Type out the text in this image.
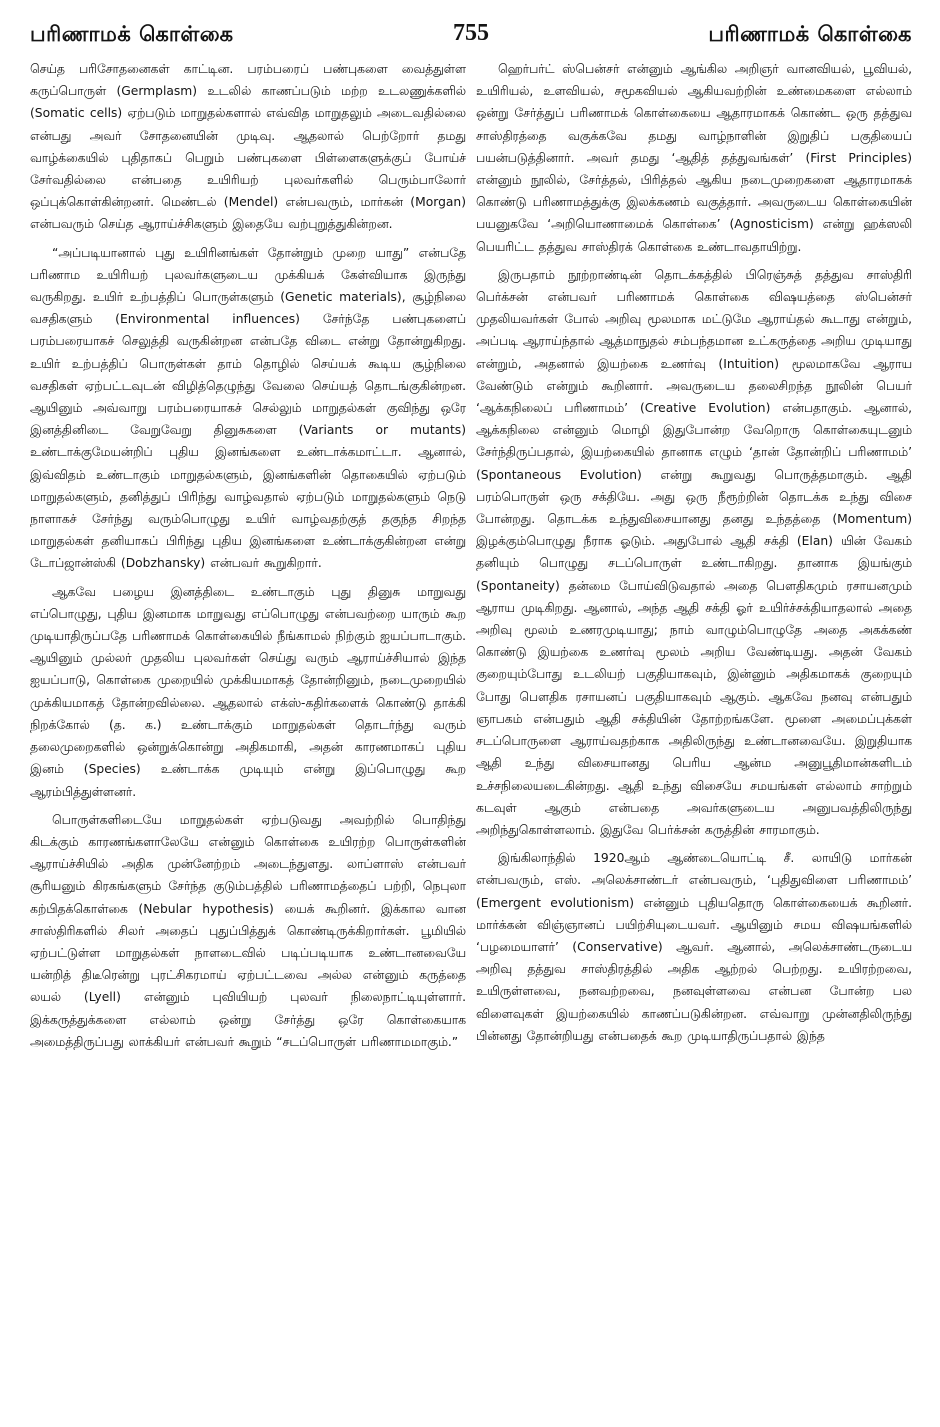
பரிணாமக் கொள்கை	755	பரிணாமக் கொள்கை

செய்த பரிசோதனைகள் காட்டின. பரம்பரைப் பண்புகளை வைத்துள்ள கருப்பொருள் (Germplasm) உடலில் காணப்படும் மற்ற உடலணுக்களில் (Somatic cells) ஏற்படும் மாறுதல்களால் எவ்வித மாறுதலும் அடைவதில்லை என்பது அவர் சோதனையின் முடிவு. ஆதலால் பெற்றோர் தமது வாழ்க்கையில் புதிதாகப் பெறும் பண்புகளை பிள்ளைகளுக்குப் போய்ச் சேர்வதில்லை என்பதை உயிரியற் புலவர்களில் பெரும்பாலோர் ஒப்புக்கொள்கின்றனர். மெண்டல் (Mendel) என்பவரும், மார்கன் (Morgan) என்பவரும் செய்த ஆராய்ச்சிகளும் இதையே வற்புறுத்துகின்றன.

“அப்படியானால் புது உயிரினங்கள் தோன்றும் முறை யாது” என்பதே பரிணாம உயிரியற் புலவர்களுடைய முக்கியக் கேள்வியாக இருந்து வருகிறது. உயிர் உற்பத்திப் பொருள்களும் (Genetic materials), சூழ்நிலை வசதிகளும் (Environmental influences) சேர்ந்தே பண்புகளைப் பரம்பரையாகச் செலுத்தி வருகின்றன என்பதே விடை என்று தோன்றுகிறது. உயிர் உற்பத்திப் பொருள்கள் தாம் தொழில் செய்யக் கூடிய சூழ்நிலை வசதிகள் ஏற்பட்டவுடன் விழித்தெழுந்து வேலை செய்யத் தொடங்குகின்றன. ஆயினும் அவ்வாறு பரம்பரையாகச் செல்லும் மாறுதல்கள் குவிந்து ஒரே இனத்தினிடை வேறுவேறு தினுசுகளை (Variants or mutants) உண்டாக்குமேயன்றிப் புதிய இனங்களை உண்டாக்கமாட்டா. ஆனால், இவ்விதம் உண்டாகும் மாறுதல்களும், இனங்களின் தொகையில் ஏற்படும் மாறுதல்களும், தனித்துப் பிரிந்து வாழ்வதால் ஏற்படும் மாறுதல்களும் நெடு நாளாகச் சேர்ந்து வரும்பொழுது உயிர் வாழ்வதற்குத் தகுந்த சிறந்த மாறுதல்கள் தனியாகப் பிரிந்து புதிய இனங்களை உண்டாக்குகின்றன என்று டோப்ஜான்ஸ்கி (Dobzhansky) என்பவர் கூறுகிறார்.

ஆகவே பழைய இனத்திடை உண்டாகும் புது தினுசு மாறுவது எப்பொழுது, புதிய இனமாக மாறுவது எப்பொழுது என்பவற்றை யாரும் கூற முடியாதிருப்பதே பரிணாமக் கொள்கையில் நீங்காமல் நிற்கும் ஐயப்பாடாகும். ஆயினும் முல்லர் முதலிய புலவர்கள் செய்து வரும் ஆராய்ச்சியால் இந்த ஐயப்பாடு, கொள்கை முறையில் முக்கியமாகத் தோன்றினும், நடைமுறையில் முக்கியமாகத் தோன்றவில்லை. ஆதலால் எக்ஸ்-கதிர்களைக் கொண்டு தாக்கி நிறக்கோல் (த. க.) உண்டாக்கும் மாறுதல்கள் தொடர்ந்து வரும் தலைமுறைகளில் ஒன்றுக்கொன்று அதிகமாகி, அதன் காரணமாகப் புதிய இனம் (Species) உண்டாக்க முடியும் என்று இப்பொழுது கூற ஆரம்பித்துள்ளனர்.

பொருள்களிடையே மாறுதல்கள் ஏற்படுவது அவற்றில் பொதிந்து கிடக்கும் காரணங்களாலேயே என்னும் கொள்கை உயிரற்ற பொருள்களின் ஆராய்ச்சியில் அதிக முன்னேற்றம் அடைந்துளது. லாப்ளாஸ் என்பவர் சூரியனும் கிரகங்களும் சேர்ந்த குடும்பத்தில் பரிணாமத்தைப் பற்றி, நெபுலா கற்பிதக்கொள்கை (Nebular hypothesis) யைக் கூறினர். இக்கால வான சாஸ்திரிகளில் சிலர் அதைப் புதுப்பித்துக் கொண்டிருக்கிறார்கள். பூமியில் ஏற்பட்டுள்ள மாறுதல்கள் நாளடைவில் படிப்படியாக உண்டானவையே யன்றித் திடீரென்று புரட்சிகரமாய் ஏற்பட்டவை அல்ல என்னும் கருத்தை லயல் (Lyell) என்னும் புவியியற் புலவர் நிலைநாட்டியுள்ளார். இக்கருத்துக்களை எல்லாம் ஒன்று சேர்த்து ஒரே கொள்கையாக அமைத்திருப்பது லாக்கியர் என்பவர் கூறும் “சடப்பொருள் பரிணாமமாகும்.”

ஹெர்பர்ட் ஸ்பென்சர் என்னும் ஆங்கில அறிஞர் வானவியல், பூவியல், உயிரியல், உளவியல், சமூகவியல் ஆகியவற்றின் உண்மைகளை எல்லாம் ஒன்று சேர்த்துப் பரிணாமக் கொள்கையை ஆதாரமாகக் கொண்ட ஒரு தத்துவ சாஸ்திரத்தை வகுக்கவே தமது வாழ்நாளின் இறுதிப் பகுதியைப் பயன்படுத்தினார். அவர் தமது ‘ஆதித் தத்துவங்கள்’ (First Principles) என்னும் நூலில், சேர்த்தல், பிரித்தல் ஆகிய நடைமுறைகளை ஆதாரமாகக் கொண்டு பரிணாமத்துக்கு இலக்கணம் வகுத்தார். அவருடைய கொள்கையின் பயனுகவே ‘அறியொணாமைக் கொள்கை’ (Agnosticism) என்று ஹக்ஸலி பெயரிட்ட தத்துவ சாஸ்திரக் கொள்கை உண்டாவதாயிற்று.

இருபதாம் நூற்றாண்டின் தொடக்கத்தில் பிரெஞ்சுத் தத்துவ சாஸ்திரி பெர்க்சன் என்பவர் பரிணாமக் கொள்கை விஷயத்தை ஸ்பென்சர் முதலியவர்கள் போல் அறிவு மூலமாக மட்டுமே ஆராய்தல் கூடாது என்றும், அப்படி ஆராய்ந்தால் ஆத்மாநுதல் சம்பந்தமான உட்கருத்தை அறிய முடியாது என்றும், அதனால் இயற்கை உணர்வு (Intuition) மூலமாகவே ஆராய வேண்டும் என்றும் கூறினார். அவருடைய தலைசிறந்த நூலின் பெயர் ‘ஆக்கநிலைப் பரிணாமம்’ (Creative Evolution) என்பதாகும். ஆனால், ஆக்கநிலை என்னும் மொழி இதுபோன்ற வேறொரு கொள்கையுடனும் சேர்ந்திருப்பதால், இயற்கையில் தானாக எழும் ‘தான் தோன்றிப் பரிணாமம்’ (Spontaneous Evolution) என்று கூறுவது பொருத்தமாகும். ஆதி பரம்பொருள் ஒரு சக்தியே. அது ஒரு நீரூற்றின் தொடக்க உந்து விசை போன்றது. தொடக்க உந்துவிசையானது தனது உந்தத்தை (Momentum) இழக்கும்பொழுது நீராக ஓடும். அதுபோல் ஆதி சக்தி (Elan) யின் வேகம் தனியும் பொழுது சடப்பொருள் உண்டாகிறது. தானாக இயங்கும் (Spontaneity) தன்மை போய்விடுவதால் அதை பௌதிகமும் ரசாயனமும் ஆராய முடிகிறது. ஆனால், அந்த ஆதி சக்தி ஓர் உயிர்ச்சக்தியாதலால் அதை அறிவு மூலம் உணரமுடியாது; நாம் வாழும்பொழுதே அதை அகக்கண் கொண்டு இயற்கை உணர்வு மூலம் அறிய வேண்டியது. அதன் வேகம் குறையும்போது உடலியற் பகுதியாகவும், இன்னும் அதிகமாகக் குறையும் போது பௌதிக ரசாயனப் பகுதியாகவும் ஆகும். ஆகவே நனவு என்பதும் ஞாபகம் என்பதும் ஆதி சக்தியின் தோற்றங்களே. மூளை அமைப்புக்கள் சடப்பொருளை ஆராய்வதற்காக அதிலிருந்து உண்டானவையே. இறுதியாக ஆதி உந்து விசையானது பெரிய ஆன்ம அனுபூதிமான்களிடம் உச்சநிலையடைகின்றது. ஆதி உந்து விசையே சமயங்கள் எல்லாம் சாற்றும் கடவுள் ஆகும் என்பதை அவர்களுடைய அனுபவத்திலிருந்து அறிந்துகொள்ளலாம். இதுவே பெர்க்சன் கருத்தின் சாரமாகும்.

இங்கிலாந்தில் 1920ஆம் ஆண்டையொட்டி சீ. லாயிடு மார்கன் என்பவரும், எஸ். அலெக்சாண்டர் என்பவரும், ‘புதிதுவிளை பரிணாமம்’ (Emergent evolutionism) என்னும் புதியதொரு கொள்கையைக் கூறினர். மார்க்கன் விஞ்ஞானப் பயிற்சியுடையவர். ஆயினும் சமய விஷயங்களில் ‘பழமையாளர்’ (Conservative) ஆவர். ஆனால், அலெக்சாண்டருடைய அறிவு தத்துவ சாஸ்திரத்தில் அதிக ஆற்றல் பெற்றது. உயிரற்றவை, உயிருள்ளவை, நனவற்றவை, நனவுள்ளவை என்பன போன்ற பல விளைவுகள் இயற்கையில் காணப்படுகின்றன. எவ்வாறு முன்னதிலிருந்து பின்னது தோன்றியது என்பதைக் கூற முடியாதிருப்பதால் இந்த
